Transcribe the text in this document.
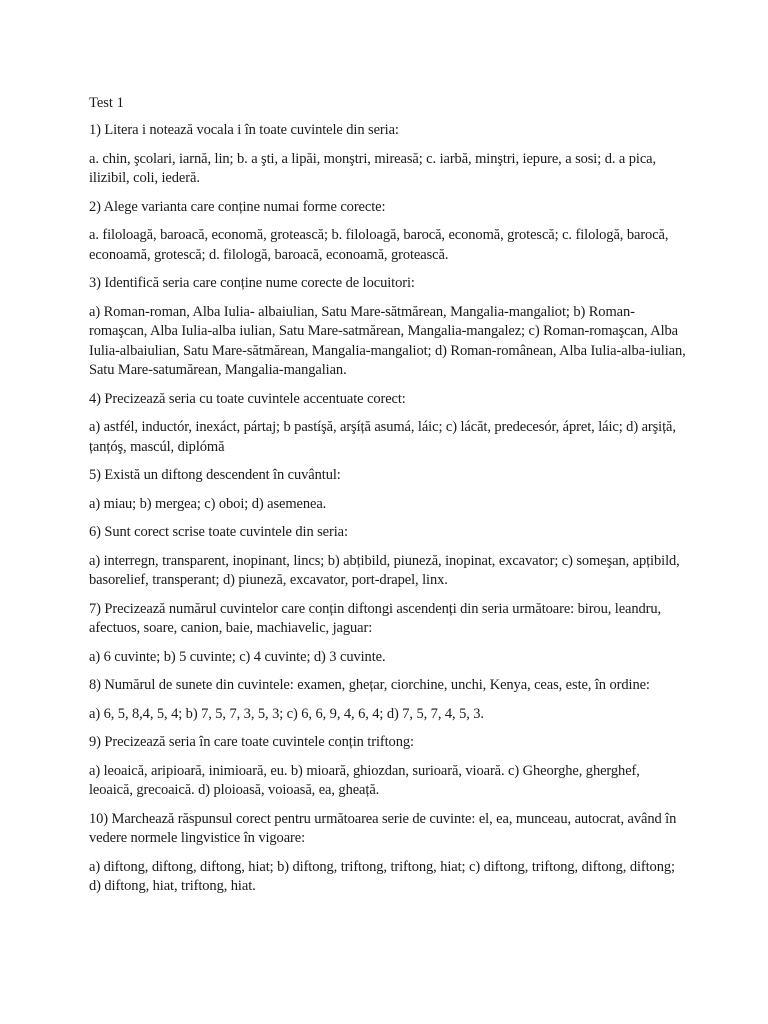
Test 1
1) Litera i notează vocala i în toate cuvintele din seria:
a. chin, şcolari, iarnă, lin; b. a şti, a lipăi, monştri, mireasă; c. iarbă, minştri, iepure, a sosi; d. a pica, ilizibil, coli, iederă.
2) Alege varianta care conține numai forme corecte:
a. filoloagă, baroacă, economă, grotească; b. filoloagă, barocă, economă, grotescă; c. filologă, barocă, econoamă, grotescă; d. filologă, baroacă, econoamă, grotească.
3) Identifică seria care conține nume corecte de locuitori:
a) Roman-roman, Alba Iulia- albaiulian, Satu Mare-sătmărean, Mangalia-mangaliot; b) Roman-romaşcan, Alba Iulia-alba iulian, Satu Mare-satmărean, Mangalia-mangalez; c) Roman-romaşcan, Alba Iulia-albaiulian, Satu Mare-sătmărean, Mangalia-mangaliot; d) Roman-românean, Alba Iulia-alba-iulian, Satu Mare-satumărean, Mangalia-mangalian.
4) Precizează seria cu toate cuvintele accentuate corect:
a) astfél, inductór, inexáct, pártaj; b pastíşă, arşíță asumá, láic; c) lácăt, predecesór, ápret, láic; d) arşiță, țanțóş, mascúl, diplómă
5) Există un diftong descendent în cuvântul:
a) miau; b) mergea; c) oboi; d) asemenea.
6) Sunt corect scrise toate cuvintele din seria:
a) interregn, transparent, inopinant, lincs; b) abțibild, piuneză, inopinat, excavator; c) someşan, apțibild, basorelief, transperant; d) piuneză, excavator, port-drapel, linx.
7) Precizează numărul cuvintelor care conțin diftongi ascendenți din seria următoare: birou, leandru, afectuos, soare, canion, baie, machiavelic, jaguar:
a) 6 cuvinte; b) 5 cuvinte; c) 4 cuvinte; d) 3 cuvinte.
8) Numărul de sunete din cuvintele: examen, ghețar, ciorchine, unchi, Kenya, ceas, este, în ordine:
a) 6, 5, 8,4, 5, 4; b) 7, 5, 7, 3, 5, 3; c) 6, 6, 9, 4, 6, 4; d) 7, 5, 7, 4, 5, 3.
9) Precizează seria în care toate cuvintele conțin triftong:
a) leoaică, aripioară, inimioară, eu. b) mioară, ghiozdan, surioară, vioară. c) Gheorghe, gherghef, leoaică, grecoaică. d) ploioasă, voioasă, ea, gheață.
10) Marchează răspunsul corect pentru următoarea serie de cuvinte: el, ea, munceau, autocrat, având în vedere normele lingvistice în vigoare:
a) diftong, diftong, diftong, hiat; b) diftong, triftong, triftong, hiat; c) diftong, triftong, diftong, diftong; d) diftong, hiat, triftong, hiat.
